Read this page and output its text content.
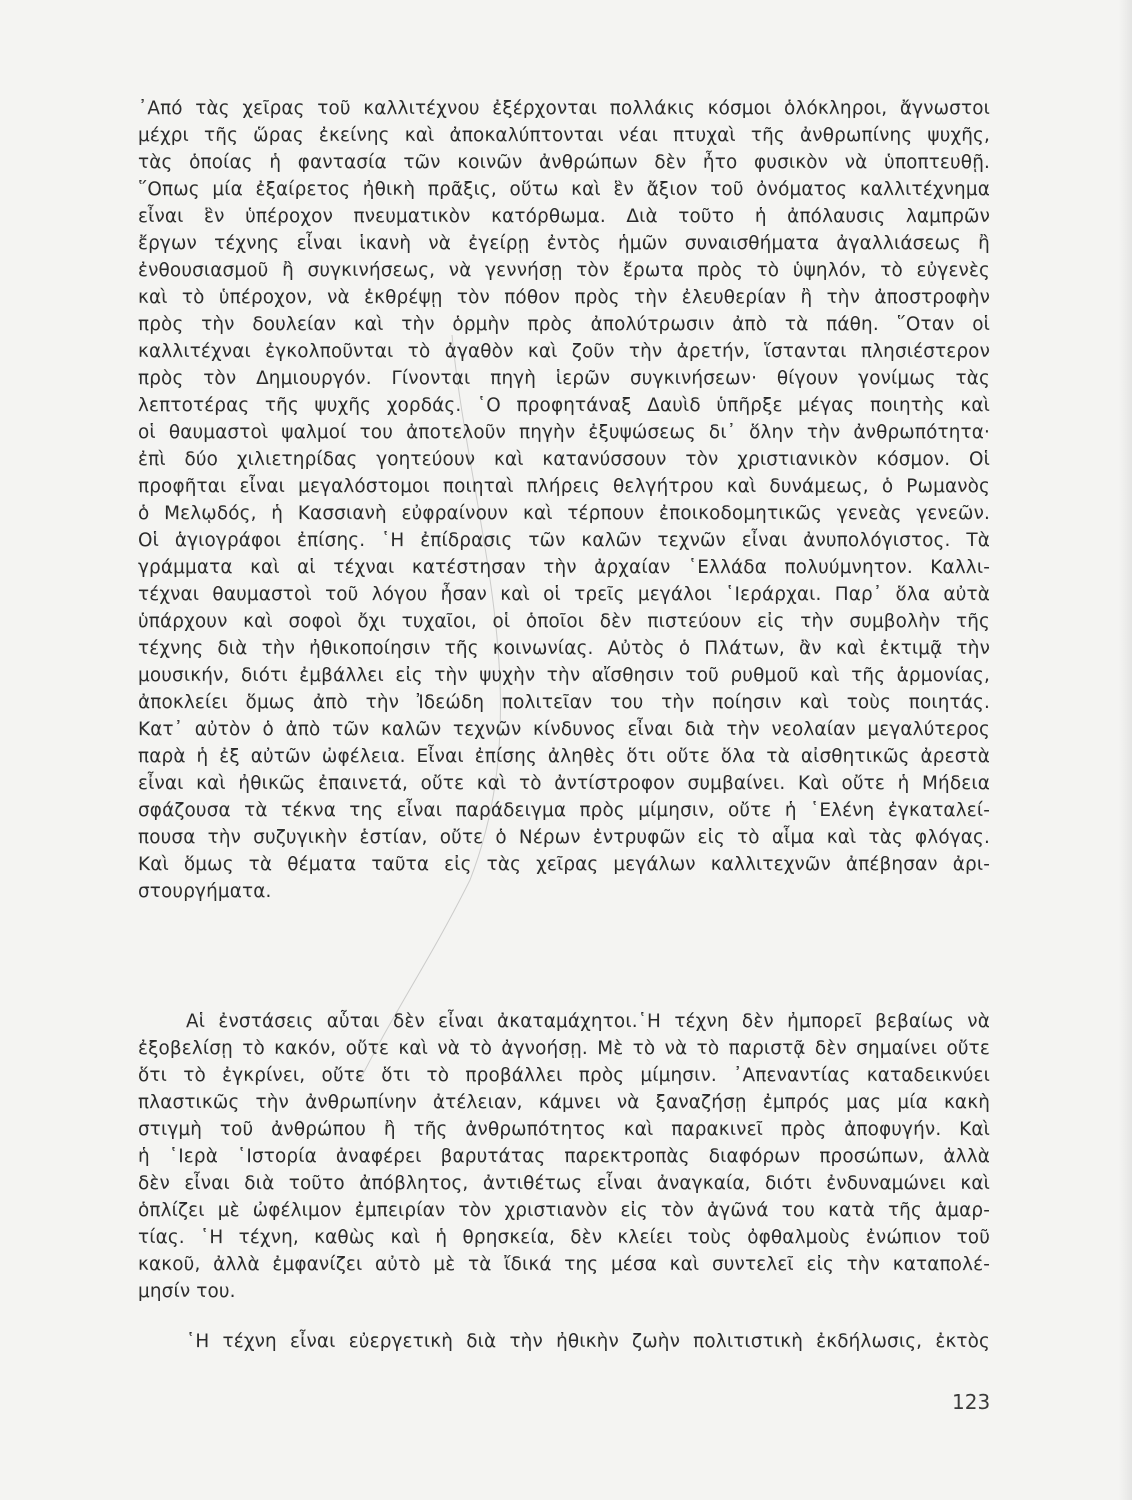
᾿Από τὰς χεῖρας τοῦ καλλιτέχνου ἐξέρχονται πολλάκις κόσμοι ὁλόκληροι, ἄγνωστοι
μέχρι τῆς ὥρας ἐκείνης καὶ ἀποκαλύπτονται νέαι πτυχαὶ τῆς ἀνθρωπίνης ψυχῆς,
τὰς ὁποίας ἡ φαντασία τῶν κοινῶν ἀνθρώπων δὲν ἦτο φυσικὸν νὰ ὑποπτευθῇ.
῞Οπως μία ἐξαίρετος ἠθικὴ πρᾶξις, οὕτω καὶ ἓν ἄξιον τοῦ ὀνόματος καλλιτέχνημα
εἶναι ἓν ὑπέροχον πνευματικὸν κατόρθωμα. Διὰ τοῦτο ἡ ἀπόλαυσις λαμπρῶν
ἔργων τέχνης εἶναι ἱκανὴ νὰ ἐγείρῃ ἐντὸς ἡμῶν συναισθήματα ἀγαλλιάσεως ἢ
ἐνθουσιασμοῦ ἢ συγκινήσεως, νὰ γεννήσῃ τὸν ἔρωτα πρὸς τὸ ὑψηλόν, τὸ εὐγενὲς
καὶ τὸ ὑπέροχον, νὰ ἐκθρέψῃ τὸν πόθον πρὸς τὴν ἐλευθερίαν ἢ τὴν ἀποστροφὴν
πρὸς τὴν δουλείαν καὶ τὴν ὁρμὴν πρὸς ἀπολύτρωσιν ἀπὸ τὰ πάθη. ῞Οταν οἱ
καλλιτέχναι ἐγκολποῦνται τὸ ἀγαθὸν καὶ ζοῦν τὴν ἀρετήν, ἵστανται πλησιέστερον
πρὸς τὸν Δημιουργόν. Γίνονται πηγὴ ἱερῶν συγκινήσεων· θίγουν γονίμως τὰς
λεπτοτέρας τῆς ψυχῆς χορδάς. ῾Ο προφητάναξ Δαυὶδ ὑπῆρξε μέγας ποιητὴς καὶ
οἱ θαυμαστοὶ ψαλμοί του ἀποτελοῦν πηγὴν ἐξυψώσεως δι᾿ ὅλην τὴν ἀνθρωπότητα·
ἐπὶ δύο χιλιετηρίδας γοητεύουν καὶ κατανύσσουν τὸν χριστιανικὸν κόσμον. Οἱ
προφῆται εἶναι μεγαλόστομοι ποιηταὶ πλήρεις θελγήτρου καὶ δυνάμεως, ὁ Ρωμανὸς
ὁ Μελῳδός, ἡ Κασσιανὴ εὐφραίνουν καὶ τέρπουν ἐποικοδομητικῶς γενεὰς γενεῶν.
Οἱ ἁγιογράφοι ἐπίσης. ῾Η ἐπίδρασις τῶν καλῶν τεχνῶν εἶναι ἀνυπολόγιστος. Τὰ
γράμματα καὶ αἱ τέχναι κατέστησαν τὴν ἀρχαίαν ῾Ελλάδα πολυύμνητον. Καλλι-
τέχναι θαυμαστοὶ τοῦ λόγου ἦσαν καὶ οἱ τρεῖς μεγάλοι ῾Ιεράρχαι. Παρ᾿ ὅλα αὐτὰ
ὑπάρχουν καὶ σοφοὶ ὄχι τυχαῖοι, οἱ ὁποῖοι δὲν πιστεύουν εἰς τὴν συμβολὴν τῆς
τέχνης διὰ τὴν ἠθικοποίησιν τῆς κοινωνίας. Αὐτὸς ὁ Πλάτων, ἂν καὶ ἐκτιμᾷ τὴν
μουσικήν, διότι ἐμβάλλει εἰς τὴν ψυχὴν τὴν αἴσθησιν τοῦ ρυθμοῦ καὶ τῆς ἁρμονίας,
ἀποκλείει ὅμως ἀπὸ τὴν Ἰδεώδη πολιτεῖαν του τὴν ποίησιν καὶ τοὺς ποιητάς.
Κατ᾿ αὐτὸν ὁ ἀπὸ τῶν καλῶν τεχνῶν κίνδυνος εἶναι διὰ τὴν νεολαίαν μεγαλύτερος
παρὰ ἡ ἐξ αὐτῶν ὠφέλεια. Εἶναι ἐπίσης ἀληθὲς ὅτι οὔτε ὅλα τὰ αἰσθητικῶς ἀρεστὰ
εἶναι καὶ ἠθικῶς ἐπαινετά, οὔτε καὶ τὸ ἀντίστροφον συμβαίνει. Καὶ οὔτε ἡ Μήδεια
σφάζουσα τὰ τέκνα της εἶναι παράδειγμα πρὸς μίμησιν, οὔτε ἡ ῾Ελένη ἐγκαταλεί-
πουσα τὴν συζυγικὴν ἑστίαν, οὔτε ὁ Νέρων ἐντρυφῶν εἰς τὸ αἷμα καὶ τὰς φλόγας.
Καὶ ὅμως τὰ θέματα ταῦτα εἰς τὰς χεῖρας μεγάλων καλλιτεχνῶν ἀπέβησαν ἀρι-
στουργήματα.
Αἱ ἐνστάσεις αὗται δὲν εἶναι ἀκαταμάχητοι.῾Η τέχνη δὲν ἠμπορεῖ βεβαίως νὰ
ἐξοβελίσῃ τὸ κακόν, οὔτε καὶ νὰ τὸ ἀγνοήσῃ. Μὲ τὸ νὰ τὸ παριστᾷ δὲν σημαίνει οὔτε
ὅτι τὸ ἐγκρίνει, οὔτε ὅτι τὸ προβάλλει πρὸς μίμησιν. ᾿Απεναντίας καταδεικνύει
πλαστικῶς τὴν ἀνθρωπίνην ἀτέλειαν, κάμνει νὰ ξαναζήσῃ ἐμπρός μας μία κακὴ
στιγμὴ τοῦ ἀνθρώπου ἢ τῆς ἀνθρωπότητος καὶ παρακινεῖ πρὸς ἀποφυγήν. Καὶ
ἡ ῾Ιερὰ ῾Ιστορία ἀναφέρει βαρυτάτας παρεκτροπὰς διαφόρων προσώπων, ἀλλὰ
δὲν εἶναι διὰ τοῦτο ἀπόβλητος, ἀντιθέτως εἶναι ἀναγκαία, διότι ἐνδυναμώνει καὶ
ὁπλίζει μὲ ὠφέλιμον ἐμπειρίαν τὸν χριστιανὸν εἰς τὸν ἀγῶνά του κατὰ τῆς ἁμαρ-
τίας. ῾Η τέχνη, καθὼς καὶ ἡ θρησκεία, δὲν κλείει τοὺς ὀφθαλμοὺς ἐνώπιον τοῦ
κακοῦ, ἀλλὰ ἐμφανίζει αὐτὸ μὲ τὰ ἴδικά της μέσα καὶ συντελεῖ εἰς τὴν καταπολέ-
μησίν του.
῾Η τέχνη εἶναι εὐεργετικὴ διὰ τὴν ἠθικὴν ζωὴν πολιτιστικὴ ἐκδήλωσις, ἐκτὸς
123
